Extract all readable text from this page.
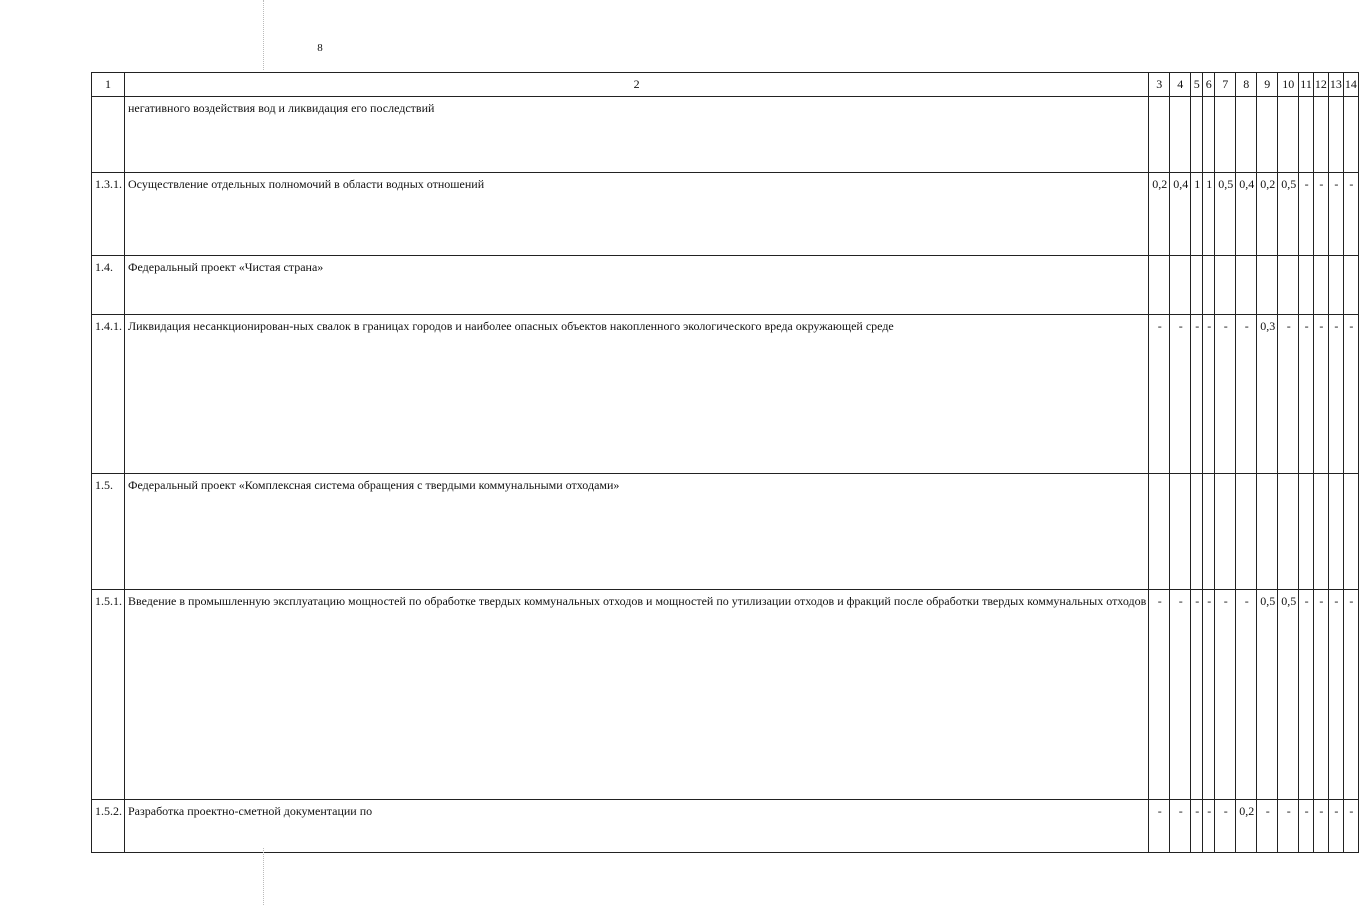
8
1	2	3	4	5	6	7	8	9	10	11	12	13	14
	негативного воздействия вод и ликвидация его последствий												
1.3.1.	Осуществление отдельных полномочий в области водных отношений	0,2	0,4	1	1	0,5	0,4	0,2	0,5	-	-	-	-
1.4.	Федеральный проект «Чистая страна»												
1.4.1.	Ликвидация несанкционирован-ных свалок в границах городов и наиболее опасных объектов накопленного экологического вреда окружающей среде	-	-	-	-	-	-	0,3	-	-	-	-	-
1.5.	Федеральный проект «Комплексная система обращения с твердыми коммунальными отходами»												
1.5.1.	Введение в промышленную эксплуатацию мощностей по обработке твердых коммунальных отходов и мощностей по утилизации отходов и фракций после обработки твердых коммунальных отходов	-	-	-	-	-	-	0,5	0,5	-	-	-	-
1.5.2.	Разработка проектно-сметной документации по	-	-	-	-	-	0,2	-	-	-	-	-	-
